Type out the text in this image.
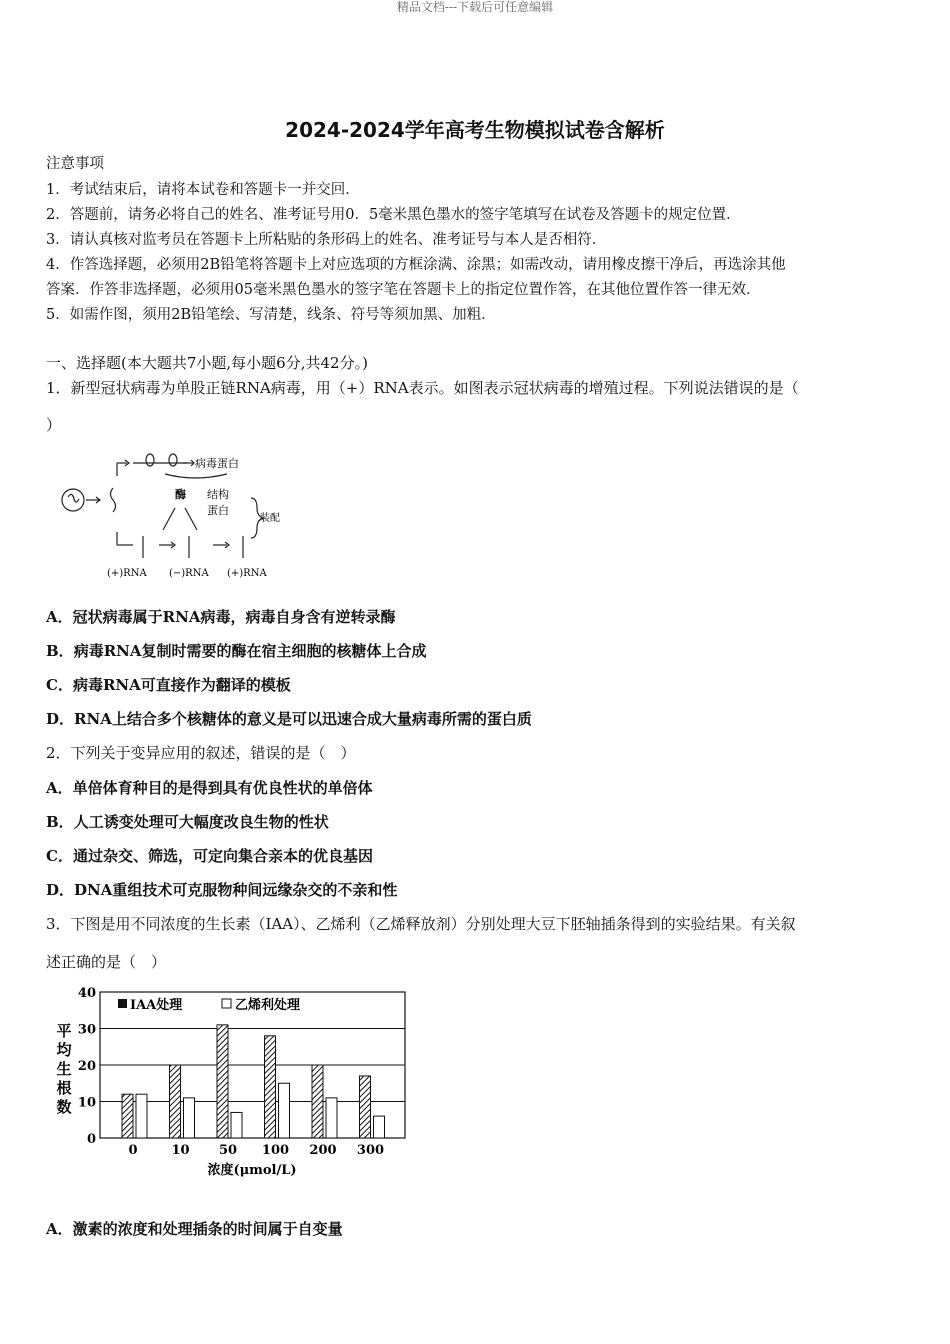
精品文档---下载后可任意编辑
2024-2024学年高考生物模拟试卷含解析
注意事项
1．考试结束后，请将本试卷和答题卡一并交回．
2．答题前，请务必将自己的姓名、准考证号用0．5毫米黑色墨水的签字笔填写在试卷及答题卡的规定位置．
3．请认真核对监考员在答题卡上所粘贴的条形码上的姓名、准考证号与本人是否相符．
4．作答选择题，必须用2B铅笔将答题卡上对应选项的方框涂满、涂黑；如需改动，请用橡皮擦干净后，再选涂其他
答案．作答非选择题，必须用05毫米黑色墨水的签字笔在答题卡上的指定位置作答，在其他位置作答一律无效．
5．如需作图，须用2B铅笔绘、写清楚，线条、符号等须加黑、加粗．
一、选择题(本大题共7小题,每小题6分,共42分。)
1．新型冠状病毒为单股正链RNA病毒，用（+）RNA表示。如图表示冠状病毒的增殖过程。下列说法错误的是（
）
病毒蛋白
酶 结构
蛋白
装配
(+)RNA (−)RNA (+)RNA
A．冠状病毒属于RNA病毒，病毒自身含有逆转录酶
B．病毒RNA复制时需要的酶在宿主细胞的核糖体上合成
C．病毒RNA可直接作为翻译的模板
D．RNA上结合多个核糖体的意义是可以迅速合成大量病毒所需的蛋白质
2．下列关于变异应用的叙述，错误的是（　）
A．单倍体育种目的是得到具有优良性状的单倍体
B．人工诱变处理可大幅度改良生物的性状
C．通过杂交、筛选，可定向集合亲本的优良基因
D．DNA重组技术可克服物种间远缘杂交的不亲和性
3．下图是用不同浓度的生长素（IAA）、乙烯利（乙烯释放剂）分别处理大豆下胚轴插条得到的实验结果。有关叙
述正确的是（　）
0
10
20
30
40
0	10 50 100 200 300
平
均
生
根
数
浓度(μmol/L)
IAA处理	乙烯利处理
A．激素的浓度和处理插条的时间属于自变量
